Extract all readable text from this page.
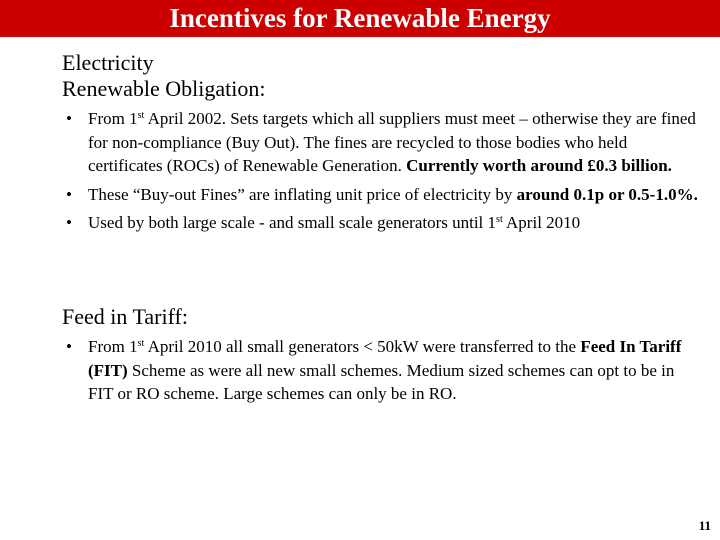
Incentives for Renewable Energy
Electricity
Renewable Obligation:
• From 1st April 2002. Sets targets which all suppliers must meet – otherwise they are fined for non-compliance (Buy Out). The fines are recycled to those bodies who held certificates (ROCs) of Renewable Generation. Currently worth around £0.3 billion.
• These “Buy-out Fines” are inflating unit price of electricity by around 0.1p or 0.5-1.0%.
• Used by both large scale - and small scale generators until 1st April 2010
Feed in Tariff:
• From 1st April 2010 all small generators < 50kW were transferred to the Feed In Tariff (FIT) Scheme as were all new small schemes. Medium sized schemes can opt to be in FIT or RO scheme. Large schemes can only be in RO.
11
